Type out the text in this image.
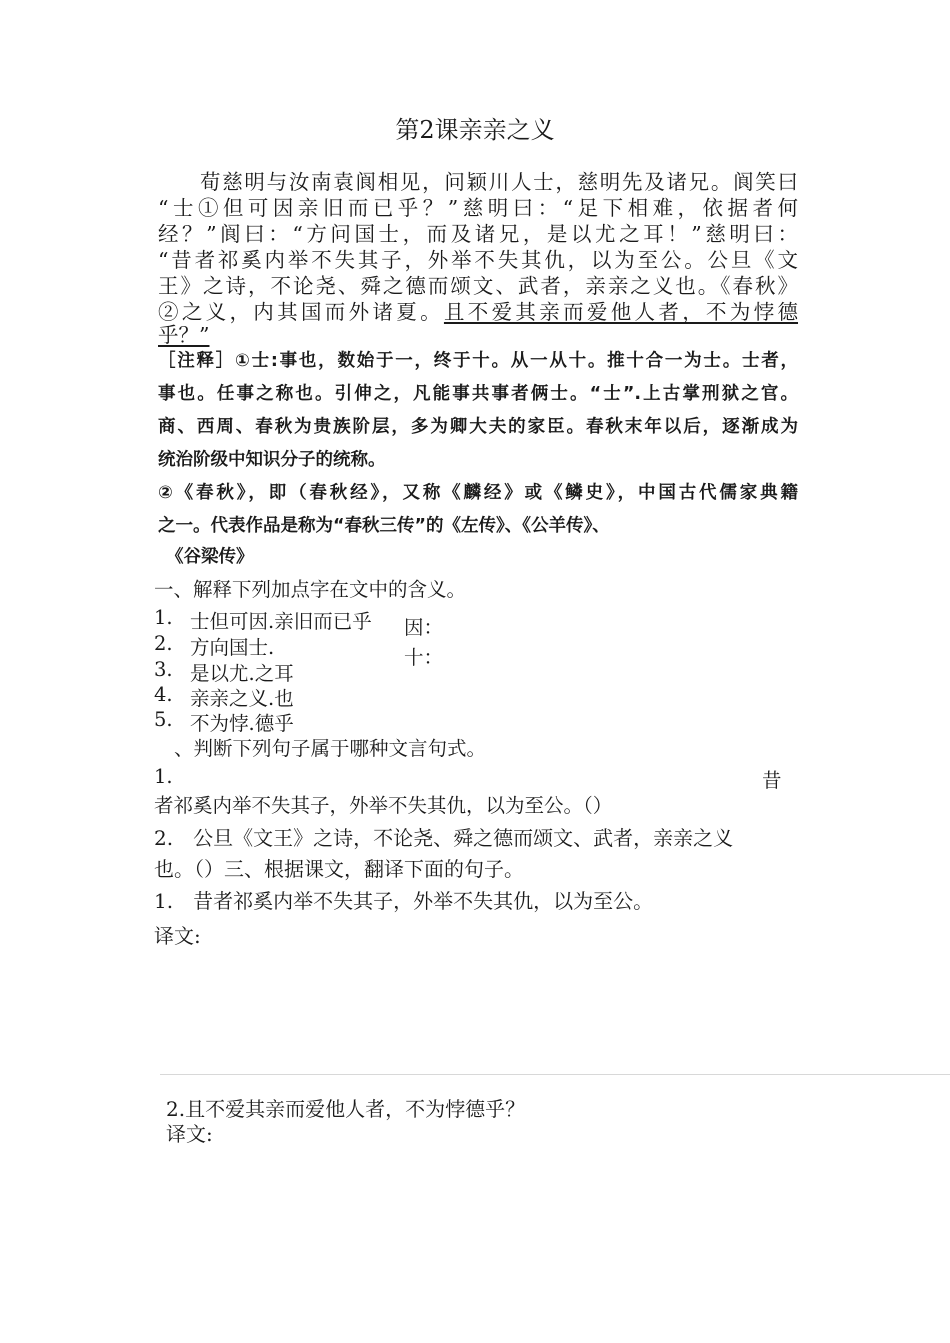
第2课亲亲之义
荀慈明与汝南袁阆相见，问颖川人士，慈明先及诸兄。阆笑曰
“士①但可因亲旧而已乎？”慈明曰：“足下相难，依据者何
经？”阆曰：“方问国士，而及诸兄，是以尤之耳！”慈明曰：
“昔者祁奚内举不失其子，外举不失其仇，以为至公。公旦《文
王》之诗，不论尧、舜之德而颂文、武者，亲亲之义也。《春秋》
②之义，内其国而外诸夏。且不爱其亲而爱他人者，不为悖德
乎？”
［注释］①士:事也，数始于一，终于十。从一从十。推十合一为士。士者，
事也。任事之称也。引伸之，凡能事共事者俩士。“士”.上古掌刑狱之官。
商、西周、春秋为贵族阶层，多为卿大夫的家臣。春秋末年以后，逐渐成为
统治阶级中知识分子的统称。
②《春秋》，即（春秋经》，又称《麟经》或《鳞史》，中国古代儒家典籍
之一。代表作品是称为“春秋三传”的《左传》、《公羊传》、
《谷梁传》
一、解释下列加点字在文中的含义。
1. 士但可因.亲旧而已乎
2. 方向国士.
3. 是以尤.之耳
4. 亲亲之义.也
5. 不为悖.德乎
因：
十：
、判断下列句子属于哪种文言句式。
1.	昔
者祁奚内举不失其子，外举不失其仇，以为至公。（）
2.　公旦《文王》之诗，不论尧、舜之德而颂文、武者，亲亲之义
也。（）三、根据课文，翻译下面的句子。
1.　昔者祁奚内举不失其子，外举不失其仇，以为至公。
译文:
2.且不爱其亲而爱他人者，不为悖德乎？
译文:
